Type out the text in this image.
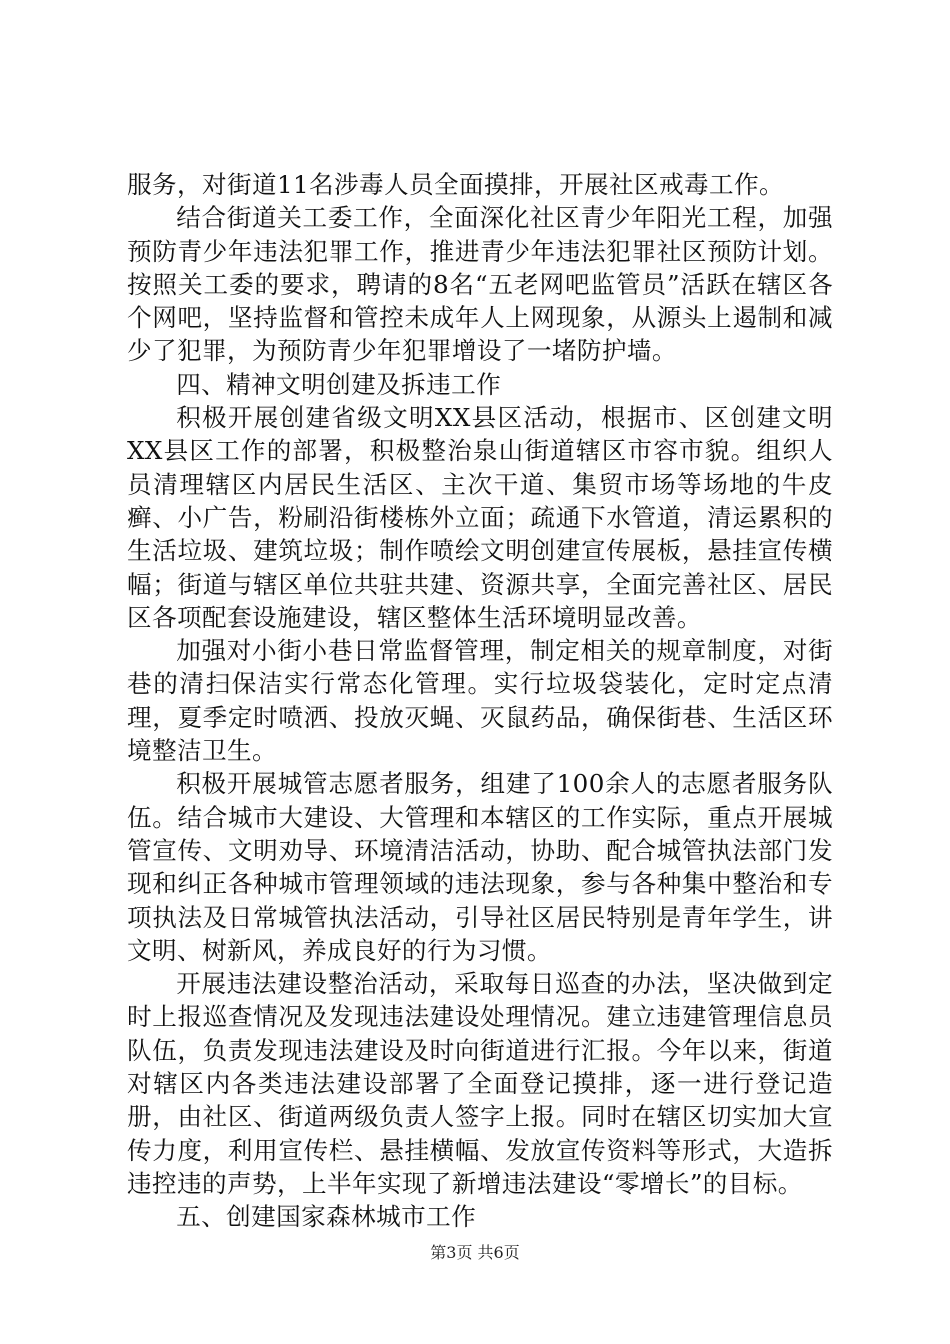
服务，对街道11名涉毒人员全面摸排，开展社区戒毒工作。

结合街道关工委工作，全面深化社区青少年阳光工程，加强预防青少年违法犯罪工作，推进青少年违法犯罪社区预防计划。按照关工委的要求，聘请的8名“五老网吧监管员”活跃在辖区各个网吧，坚持监督和管控未成年人上网现象，从源头上遏制和减少了犯罪，为预防青少年犯罪增设了一堵防护墙。

四、精神文明创建及拆违工作

积极开展创建省级文明XX县区活动，根据市、区创建文明XX县区工作的部署，积极整治泉山街道辖区市容市貌。组织人员清理辖区内居民生活区、主次干道、集贸市场等场地的牛皮癣、小广告，粉刷沿街楼栋外立面；疏通下水管道，清运累积的生活垃圾、建筑垃圾；制作喷绘文明创建宣传展板，悬挂宣传横幅；街道与辖区单位共驻共建、资源共享，全面完善社区、居民区各项配套设施建设，辖区整体生活环境明显改善。

加强对小街小巷日常监督管理，制定相关的规章制度，对街巷的清扫保洁实行常态化管理。实行垃圾袋装化，定时定点清理，夏季定时喷洒、投放灭蝇、灭鼠药品，确保街巷、生活区环境整洁卫生。

积极开展城管志愿者服务，组建了100余人的志愿者服务队伍。结合城市大建设、大管理和本辖区的工作实际，重点开展城管宣传、文明劝导、环境清洁活动，协助、配合城管执法部门发现和纠正各种城市管理领域的违法现象，参与各种集中整治和专项执法及日常城管执法活动，引导社区居民特别是青年学生，讲文明、树新风，养成良好的行为习惯。

开展违法建设整治活动，采取每日巡查的办法，坚决做到定时上报巡查情况及发现违法建设处理情况。建立违建管理信息员队伍，负责发现违法建设及时向街道进行汇报。今年以来，街道对辖区内各类违法建设部署了全面登记摸排，逐一进行登记造册，由社区、街道两级负责人签字上报。同时在辖区切实加大宣传力度，利用宣传栏、悬挂横幅、发放宣传资料等形式，大造拆违控违的声势，上半年实现了新增违法建设“零增长”的目标。

五、创建国家森林城市工作

第3页 共6页
